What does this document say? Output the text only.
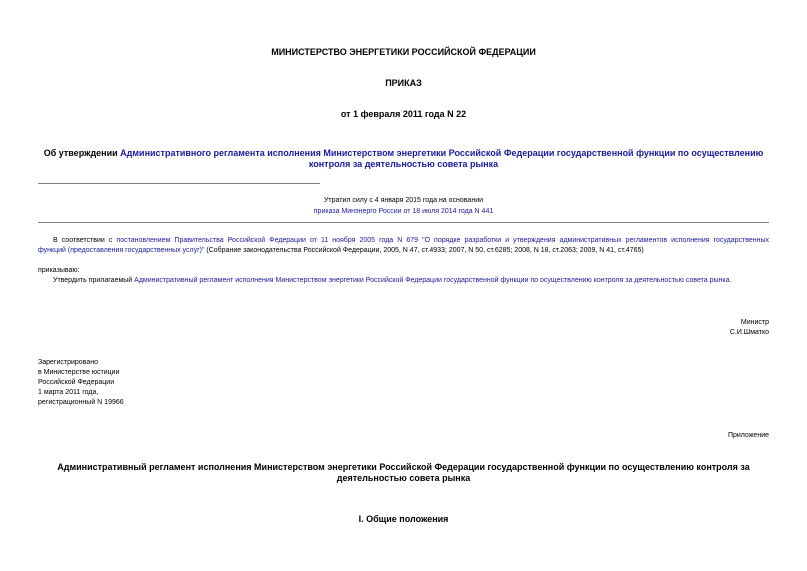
МИНИСТЕРСТВО ЭНЕРГЕТИКИ РОССИЙСКОЙ ФЕДЕРАЦИИ
ПРИКАЗ
от 1 февраля 2011 года N 22
Об утверждении Административного регламента исполнения Министерством энергетики Российской Федерации государственной функции по осуществлению
контроля за деятельностью совета рынка
Утратил силу с 4 января 2015 года на основании
приказа Минэнерго России от 18 июля 2014 года N 441
В соответствии с постановлением Правительства Российской Федерации от 11 ноября 2005 года N 679 "О порядке разработки и утверждения административных регламентов исполнения государственных
функций (предоставления государственных услуг)" (Собрание законодательства Российской Федерации, 2005, N 47, ст.4933; 2007, N 50, ст.6285; 2008, N 18, ст.2063; 2009, N 41, ст.4765)
приказываю:
Утвердить прилагаемый Административный регламент исполнения Министерством энергетики Российской Федерации государственной функции по осуществлению контроля за деятельностью совета рынка.
Министр
С.И.Шматко
Зарегистрировано
в Министерстве юстиции
Российской Федерации
1 марта 2011 года,
регистрационный N 19966
Приложение
Административный регламент исполнения Министерством энергетики Российской Федерации государственной функции по осуществлению контроля за
деятельностью совета рынка
I. Общие положения
